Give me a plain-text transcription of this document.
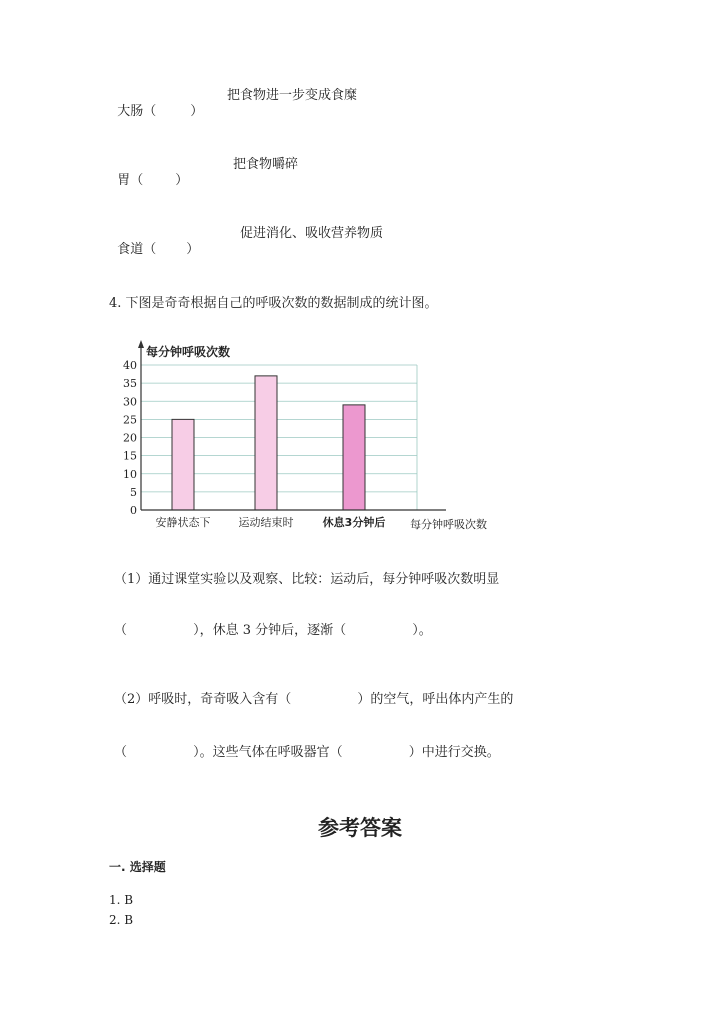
大肠（	）

把食物进一步变成食糜

胃（ ）

把食物嚼碎

食道（ ）

促进消化、吸收营养物质
4. 下图是奇奇根据自己的呼吸次数的数据制成的统计图。
0
5
10
15
20
25
30
35
40
安静状态下	运动结束时	休息3分钟后
每分钟呼吸次数
每分钟呼吸次数
（1）通过课堂实验以及观察、比较：运动后，每分钟呼吸次数明显
（                ），休息 3 分钟后，逐渐（                ）。
（2）呼吸时，奇奇吸入含有（                ）的空气，呼出体内产生的
（                ）。这些气体在呼吸器官（                ）中进行交换。
参考答案
一. 选择题
1. B
2. B
